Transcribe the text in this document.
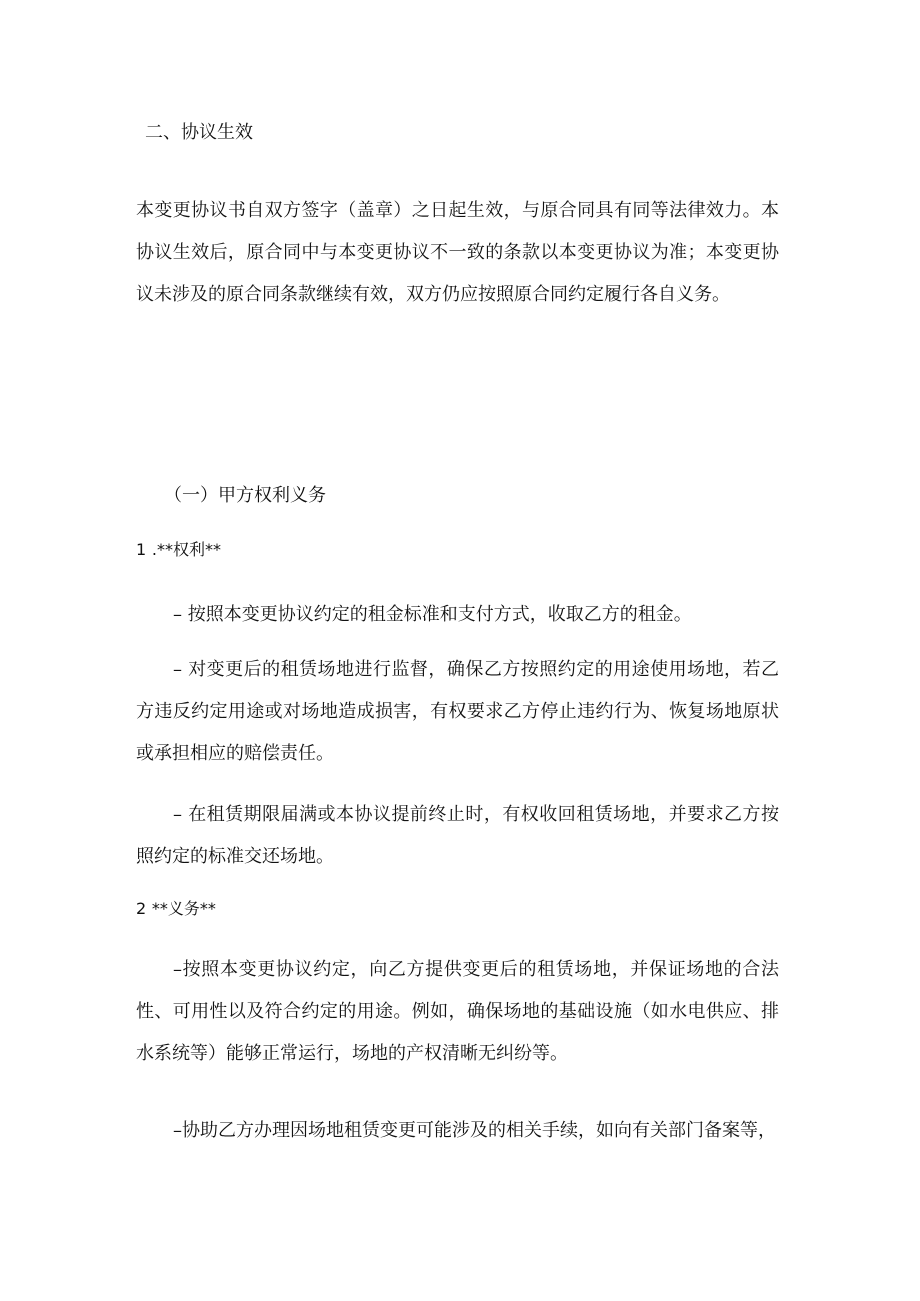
二、协议生效
本变更协议书自双方签字（盖章）之日起生效，与原合同具有同等法律效力。本协议生效后，原合同中与本变更协议不一致的条款以本变更协议为准；本变更协议未涉及的原合同条款继续有效，双方仍应按照原合同约定履行各自义务。
（一）甲方权利义务
1 .**权利**
– 按照本变更协议约定的租金标准和支付方式，收取乙方的租金。
– 对变更后的租赁场地进行监督，确保乙方按照约定的用途使用场地，若乙方违反约定用途或对场地造成损害，有权要求乙方停止违约行为、恢复场地原状或承担相应的赔偿责任。
– 在租赁期限届满或本协议提前终止时，有权收回租赁场地，并要求乙方按照约定的标准交还场地。
2 **义务**
–按照本变更协议约定，向乙方提供变更后的租赁场地，并保证场地的合法性、可用性以及符合约定的用途。例如，确保场地的基础设施（如水电供应、排水系统等）能够正常运行，场地的产权清晰无纠纷等。
–协助乙方办理因场地租赁变更可能涉及的相关手续，如向有关部门备案等，
